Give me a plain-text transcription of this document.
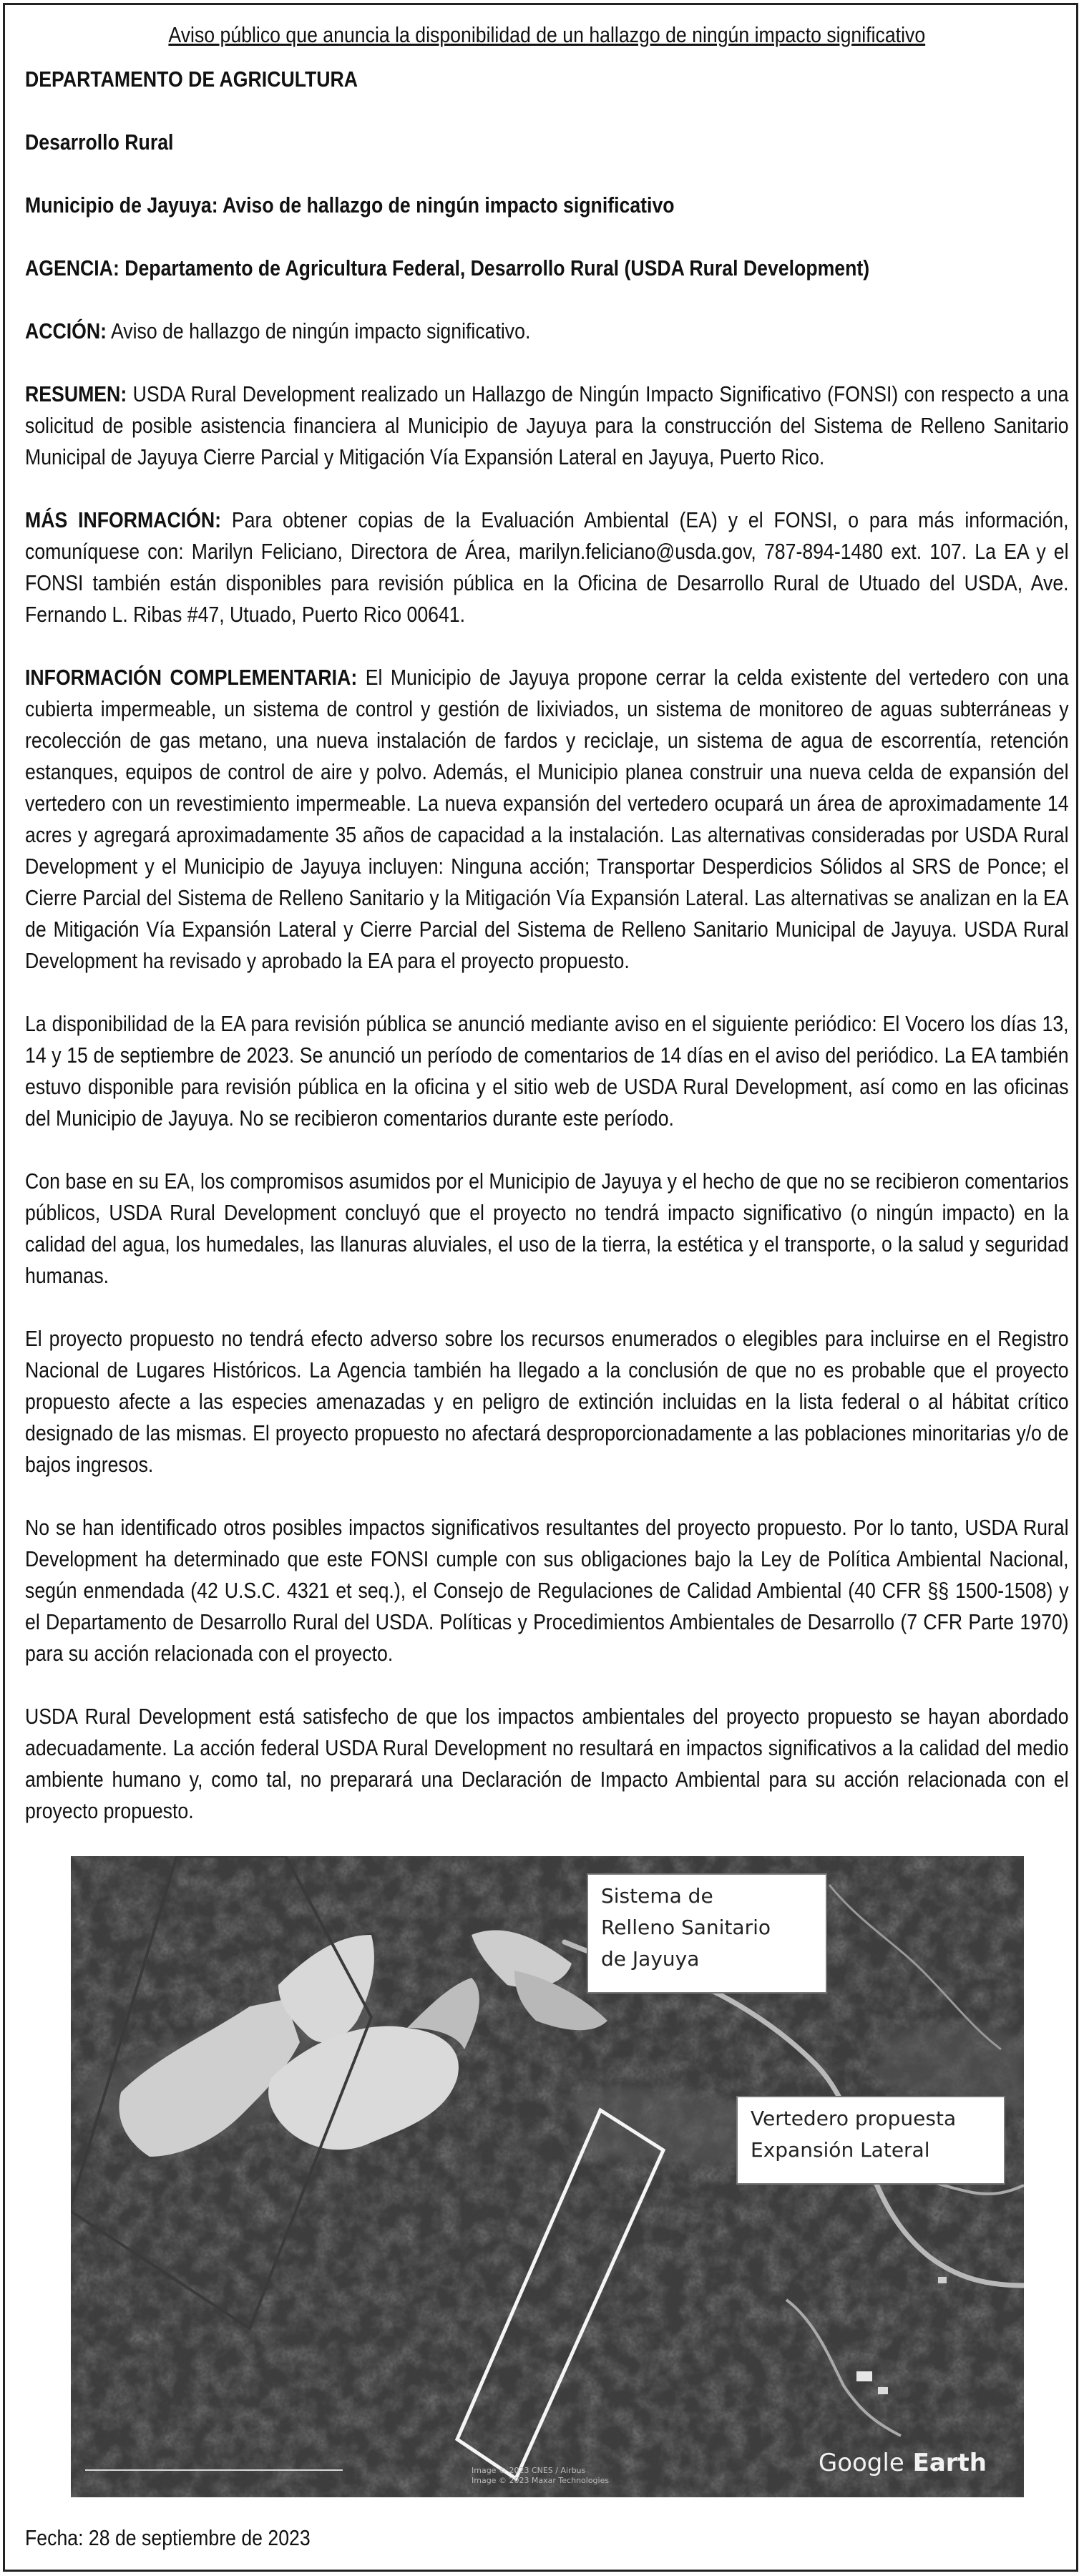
Aviso público que anuncia la disponibilidad de un hallazgo de ningún impacto significativo
DEPARTAMENTO DE AGRICULTURA
Desarrollo Rural
Municipio de Jayuya: Aviso de hallazgo de ningún impacto significativo
AGENCIA: Departamento de Agricultura Federal, Desarrollo Rural (USDA Rural Development)

ACCIÓN: Aviso de hallazgo de ningún impacto significativo.

RESUMEN: USDA Rural Development realizado un Hallazgo de Ningún Impacto Significativo (FONSI) con respecto a una solicitud de posible asistencia financiera al Municipio de Jayuya para la construcción del Sistema de Relleno Sanitario Municipal de Jayuya Cierre Parcial y Mitigación Vía Expansión Lateral en Jayuya, Puerto Rico.

MÁS INFORMACIÓN: Para obtener copias de la Evaluación Ambiental (EA) y el FONSI, o para más información, comuníquese con: Marilyn Feliciano, Directora de Área, marilyn.feliciano@usda.gov, 787-894-1480 ext. 107. La EA y el FONSI también están disponibles para revisión pública en la Oficina de Desarrollo Rural de Utuado del USDA, Ave. Fernando L. Ribas #47, Utuado, Puerto Rico 00641.

INFORMACIÓN COMPLEMENTARIA: El Municipio de Jayuya propone cerrar la celda existente del vertedero con una cubierta impermeable, un sistema de control y gestión de lixiviados, un sistema de monitoreo de aguas subterráneas y recolección de gas metano, una nueva instalación de fardos y reciclaje, un sistema de agua de escorrentía, retención estanques, equipos de control de aire y polvo. Además, el Municipio planea construir una nueva celda de expansión del vertedero con un revestimiento impermeable. La nueva expansión del vertedero ocupará un área de aproximadamente 14 acres y agregará aproximadamente 35 años de capacidad a la instalación. Las alternativas consideradas por USDA Rural Development y el Municipio de Jayuya incluyen: Ninguna acción; Transportar Desperdicios Sólidos al SRS de Ponce; el Cierre Parcial del Sistema de Relleno Sanitario y la Mitigación Vía Expansión Lateral. Las alternativas se analizan en la EA de Mitigación Vía Expansión Lateral y Cierre Parcial del Sistema de Relleno Sanitario Municipal de Jayuya. USDA Rural Development ha revisado y aprobado la EA para el proyecto propuesto.

La disponibilidad de la EA para revisión pública se anunció mediante aviso en el siguiente periódico: El Vocero los días 13, 14 y 15 de septiembre de 2023. Se anunció un período de comentarios de 14 días en el aviso del periódico. La EA también estuvo disponible para revisión pública en la oficina y el sitio web de USDA Rural Development, así como en las oficinas del Municipio de Jayuya. No se recibieron comentarios durante este período.

Con base en su EA, los compromisos asumidos por el Municipio de Jayuya y el hecho de que no se recibieron comentarios públicos, USDA Rural Development concluyó que el proyecto no tendrá impacto significativo (o ningún impacto) en la calidad del agua, los humedales, las llanuras aluviales, el uso de la tierra, la estética y el transporte, o la salud y seguridad humanas.

El proyecto propuesto no tendrá efecto adverso sobre los recursos enumerados o elegibles para incluirse en el Registro Nacional de Lugares Históricos. La Agencia también ha llegado a la conclusión de que no es probable que el proyecto propuesto afecte a las especies amenazadas y en peligro de extinción incluidas en la lista federal o al hábitat crítico designado de las mismas. El proyecto propuesto no afectará desproporcionadamente a las poblaciones minoritarias y/o de bajos ingresos.

No se han identificado otros posibles impactos significativos resultantes del proyecto propuesto. Por lo tanto, USDA Rural Development ha determinado que este FONSI cumple con sus obligaciones bajo la Ley de Política Ambiental Nacional, según enmendada (42 U.S.C. 4321 et seq.), el Consejo de Regulaciones de Calidad Ambiental (40 CFR §§ 1500-1508) y el Departamento de Desarrollo Rural del USDA. Políticas y Procedimientos Ambientales de Desarrollo (7 CFR Parte 1970) para su acción relacionada con el proyecto.

USDA Rural Development está satisfecho de que los impactos ambientales del proyecto propuesto se hayan abordado adecuadamente. La acción federal USDA Rural Development no resultará en impactos significativos a la calidad del medio ambiente humano y, como tal, no preparará una Declaración de Impacto Ambiental para su acción relacionada con el proyecto propuesto.

Sistema de
Relleno Sanitario
de Jayuya
Vertedero propuesta
Expansión Lateral
Image © 2023 CNES / Airbus
Image © 2023 Maxar Technologies
Google Earth
Fecha: 28 de septiembre de 2023
